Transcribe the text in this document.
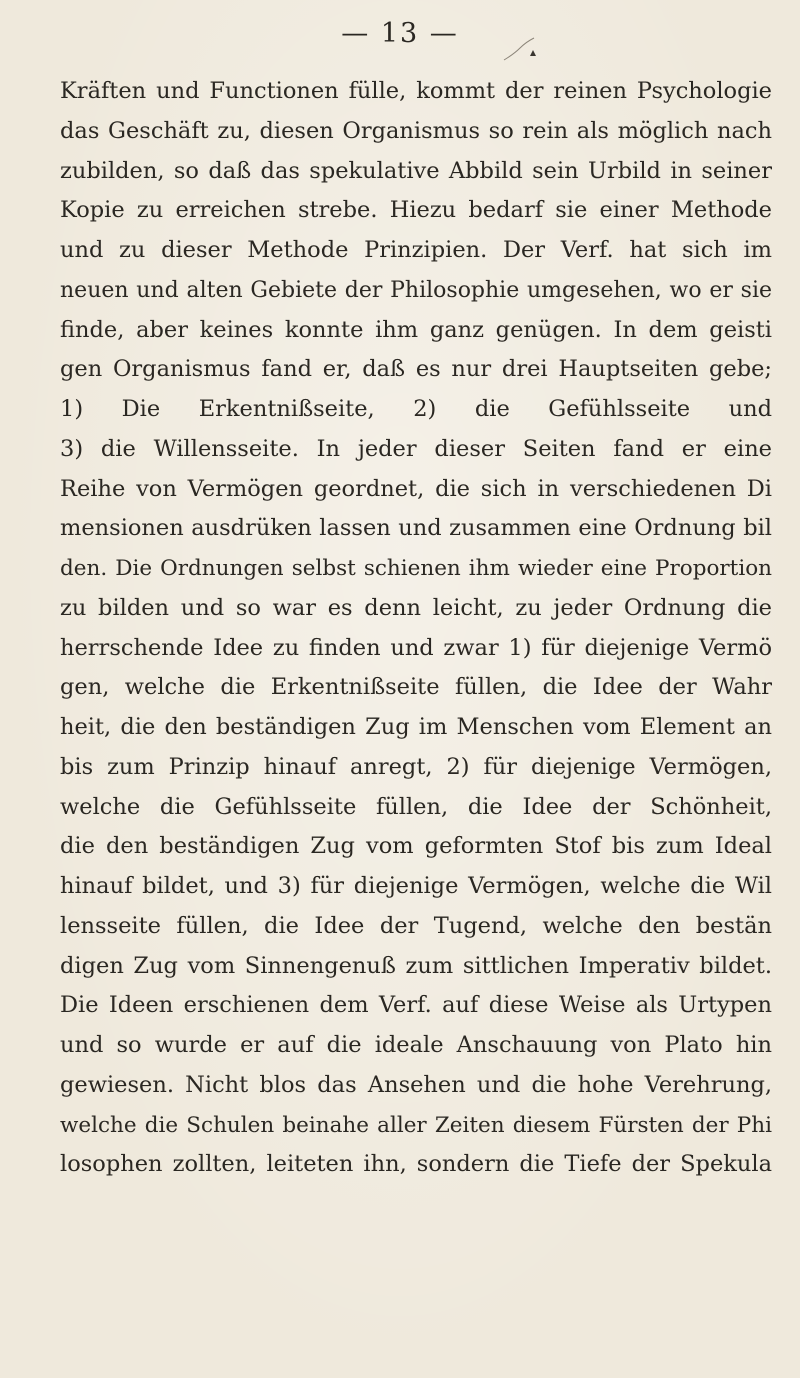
— 13 —
Kräften und Functionen fülle, kommt der reinen Psychologie
das Geschäft zu, diesen Organismus so rein als möglich nach
zubilden, so daß das spekulative Abbild sein Urbild in seiner
Kopie zu erreichen strebe. Hiezu bedarf sie einer Methode
und zu dieser Methode Prinzipien. Der Verf. hat sich im
neuen und alten Gebiete der Philosophie umgesehen, wo er sie
finde, aber keines konnte ihm ganz genügen. In dem geisti
gen Organismus fand er, daß es nur drei Hauptseiten gebe;
1) Die Erkentnißseite, 2) die Gefühlsseite und
3) die Willensseite. In jeder dieser Seiten fand er eine
Reihe von Vermögen geordnet, die sich in verschiedenen Di
mensionen ausdrüken lassen und zusammen eine Ordnung bil
den. Die Ordnungen selbst schienen ihm wieder eine Proportion
zu bilden und so war es denn leicht, zu jeder Ordnung die
herrschende Idee zu finden und zwar 1) für diejenige Vermö
gen, welche die Erkentnißseite füllen, die Idee der Wahr
heit, die den beständigen Zug im Menschen vom Element an
bis zum Prinzip hinauf anregt, 2) für diejenige Vermögen,
welche die Gefühlsseite füllen, die Idee der Schönheit,
die den beständigen Zug vom geformten Stof bis zum Ideal
hinauf bildet, und 3) für diejenige Vermögen, welche die Wil
lensseite füllen, die Idee der Tugend, welche den bestän
digen Zug vom Sinnengenuß zum sittlichen Imperativ bildet.
Die Ideen erschienen dem Verf. auf diese Weise als Urtypen
und so wurde er auf die ideale Anschauung von Plato hin
gewiesen. Nicht blos das Ansehen und die hohe Verehrung,
welche die Schulen beinahe aller Zeiten diesem Fürsten der Phi
losophen zollten, leiteten ihn, sondern die Tiefe der Spekula
